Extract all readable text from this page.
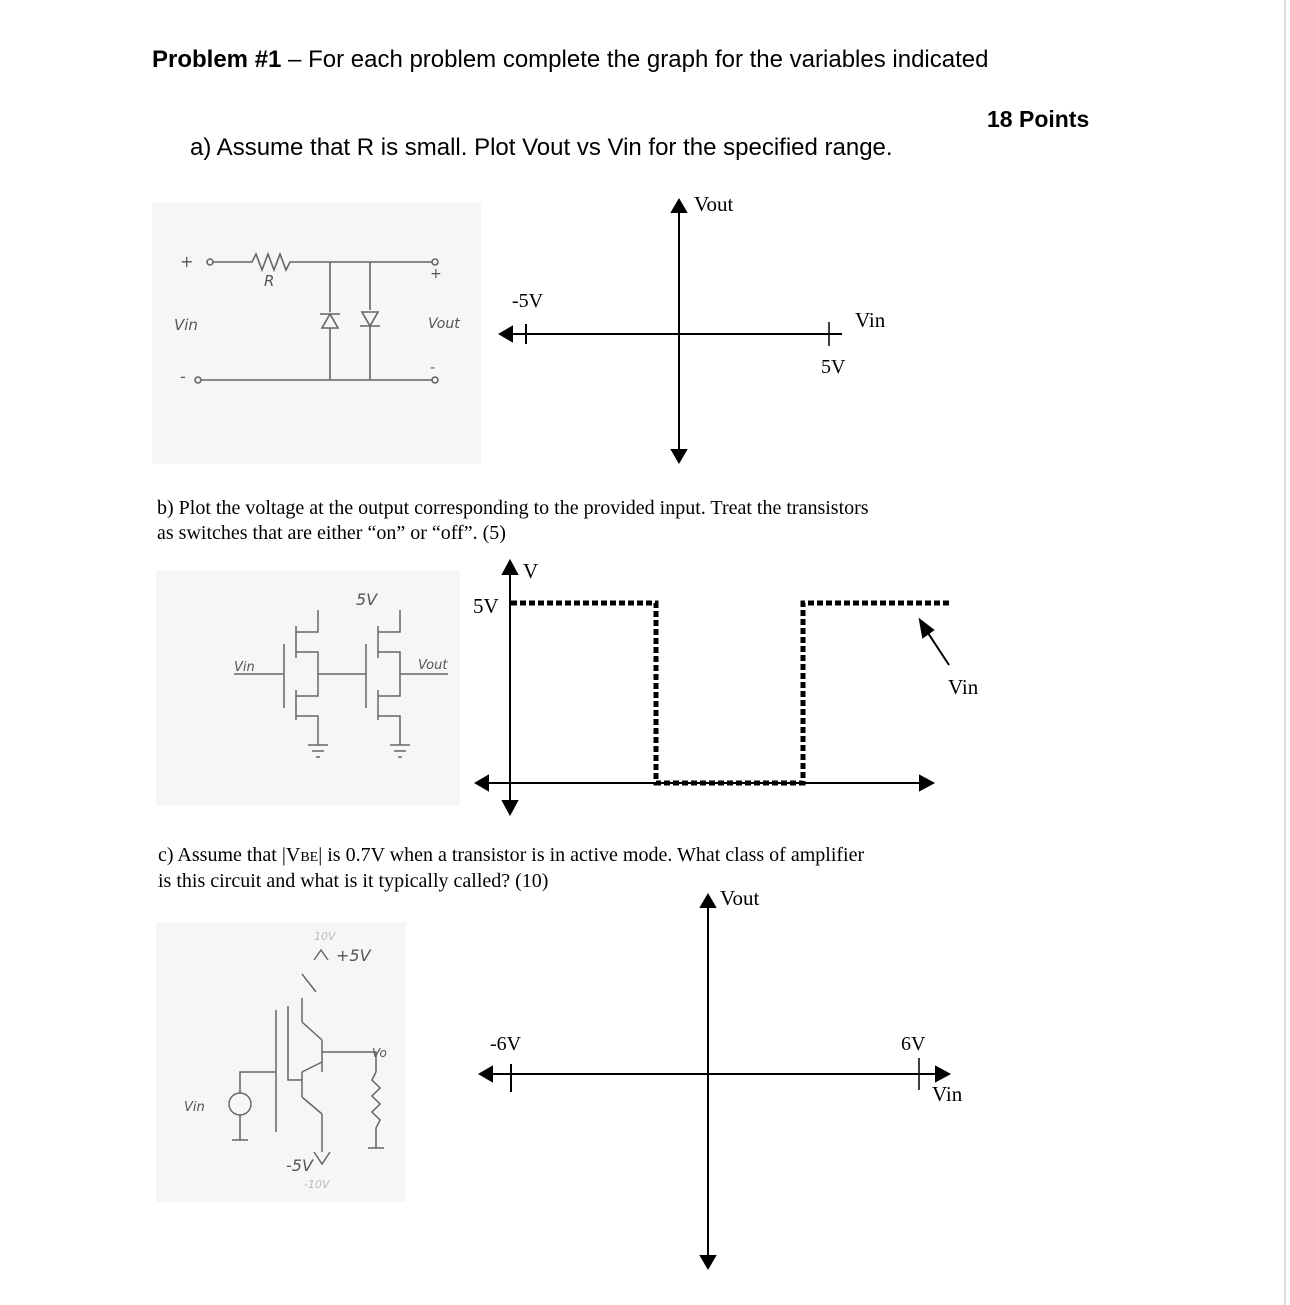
Problem #1 – For each problem complete the graph for the variables indicated
18 Points
a) Assume that R is small. Plot Vout vs Vin for the specified range.
+
-
+
-
R
Vin	Vout
Vout
Vin
-5V
5V
b) Plot the voltage at the output corresponding to the provided input. Treat the transistors
as switches that are either “on” or “off”. (5)
Vin	Vout
5V
V
5V
Vin
c) Assume that |VBE| is 0.7V when a transistor is in active mode. What class of amplifier
is this circuit and what is it typically called? (10)
+5V
10V
-5V
-10V
Vin
Vo
Vout
-6V	6V
Vin
